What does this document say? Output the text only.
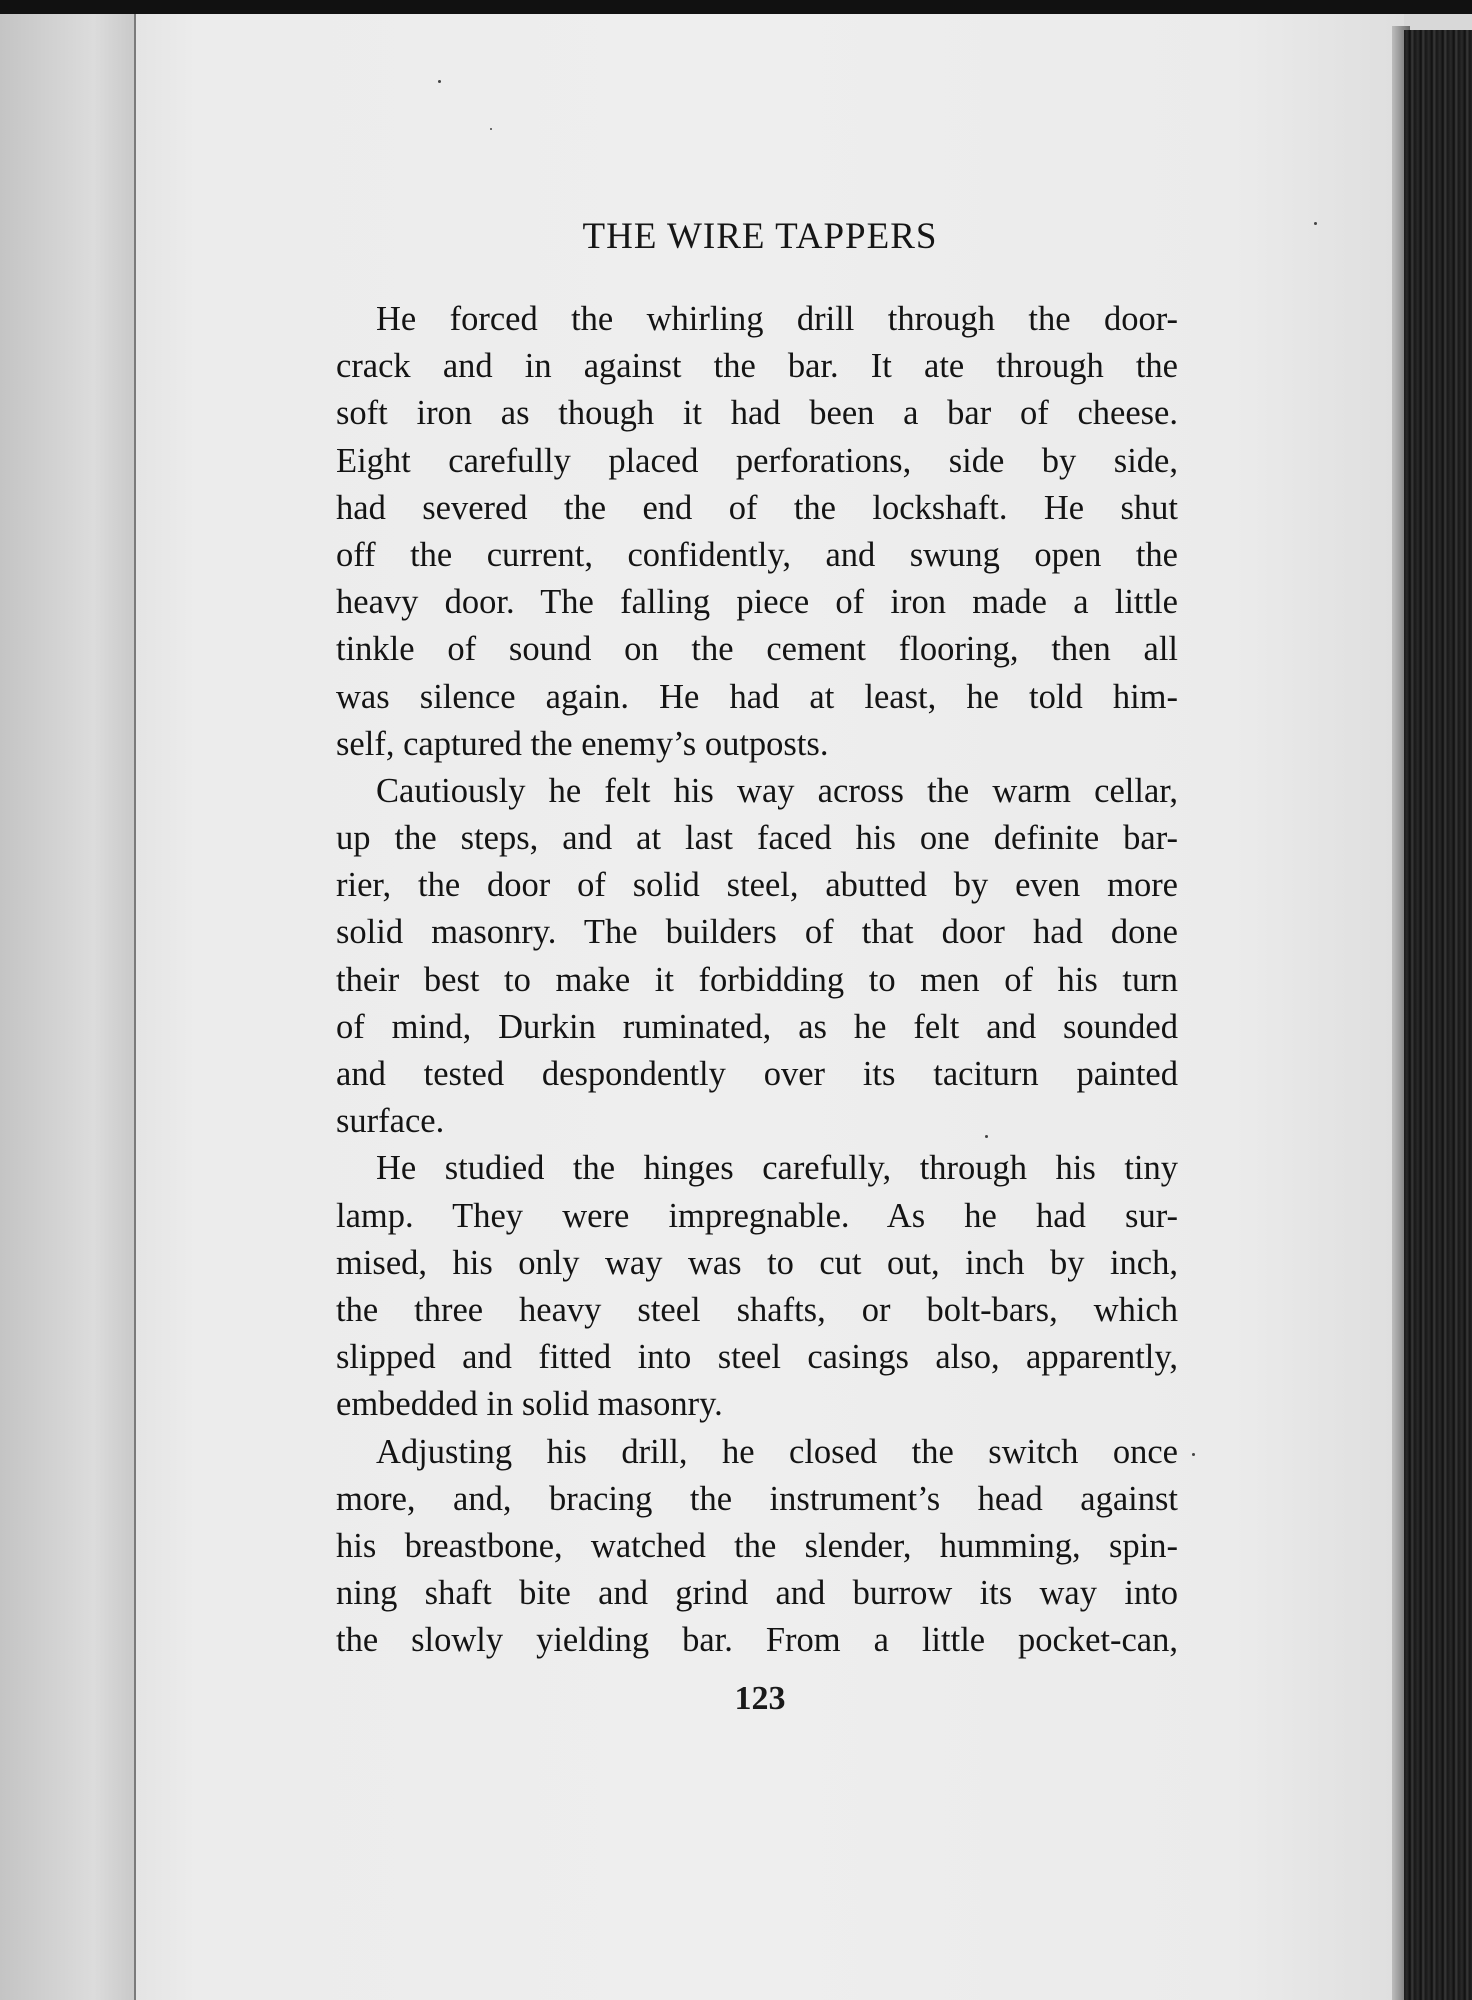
THE WIRE TAPPERS
He forced the whirling drill through the door-
crack and in against the bar. It ate through the
soft iron as though it had been a bar of cheese.
Eight carefully placed perforations, side by side,
had severed the end of the lockshaft. He shut
off the current, confidently, and swung open the
heavy door. The falling piece of iron made a little
tinkle of sound on the cement flooring, then all
was silence again. He had at least, he told him-
self, captured the enemy’s outposts.
Cautiously he felt his way across the warm cellar,
up the steps, and at last faced his one definite bar-
rier, the door of solid steel, abutted by even more
solid masonry. The builders of that door had done
their best to make it forbidding to men of his turn
of mind, Durkin ruminated, as he felt and sounded
and tested despondently over its taciturn painted
surface.
He studied the hinges carefully, through his tiny
lamp. They were impregnable. As he had sur-
mised, his only way was to cut out, inch by inch,
the three heavy steel shafts, or bolt-bars, which
slipped and fitted into steel casings also, apparently,
embedded in solid masonry.
Adjusting his drill, he closed the switch once
more, and, bracing the instrument’s head against
his breastbone, watched the slender, humming, spin-
ning shaft bite and grind and burrow its way into
the slowly yielding bar. From a little pocket-can,
123
